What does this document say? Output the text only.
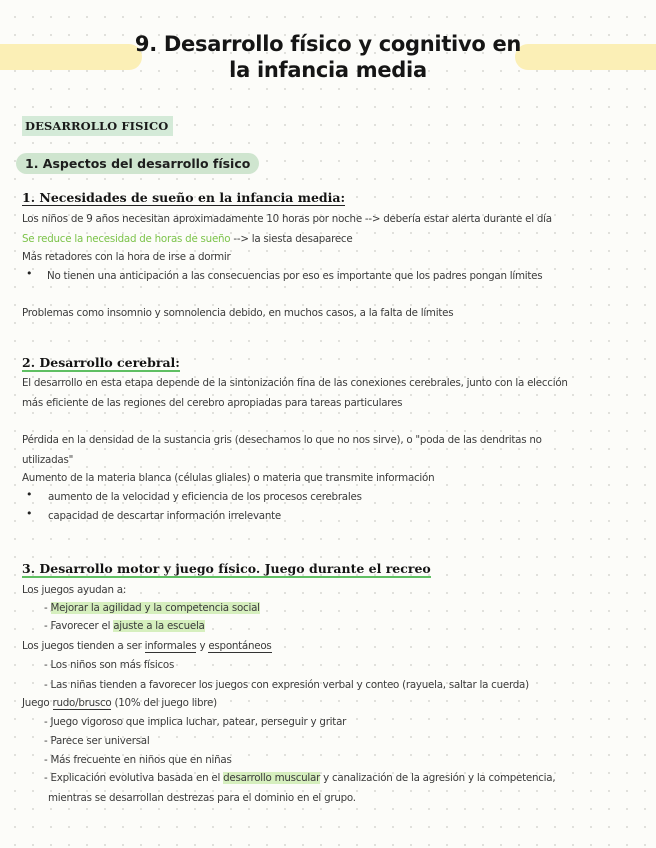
9. Desarrollo físico y cognitivo en
la infancia media
DESARROLLO FISICO
1. Aspectos del desarrollo físico
1. Necesidades de sueño en la infancia media:
Los niños de 9 años necesitan aproximadamente 10 horas por noche --> debería estar alerta durante el día
Se reduce la necesidad de horas de sueño --> la siesta desaparece
Más retadores con la hora de irse a dormir
• No tienen una anticipación a las consecuencias por eso es importante que los padres pongan límites
Problemas como insomnio y somnolencia debido, en muchos casos, a la falta de límites
2. Desarrollo cerebral:
El desarrollo en esta etapa depende de la sintonización fina de las conexiones cerebrales, junto con la elección
más eficiente de las regiones del cerebro apropiadas para tareas particulares
Pérdida en la densidad de la sustancia gris (desechamos lo que no nos sirve), o "poda de las dendritas no
utilizadas"
Aumento de la materia blanca (células gliales) o materia que transmite información
• aumento de la velocidad y eficiencia de los procesos cerebrales
• capacidad de descartar información irrelevante
3. Desarrollo motor y juego físico. Juego durante el recreo
Los juegos ayudan a:
- Mejorar la agilidad y la competencia social
- Favorecer el ajuste a la escuela
Los juegos tienden a ser informales y espontáneos
- Los niños son más físicos
- Las niñas tienden a favorecer los juegos con expresión verbal y conteo (rayuela, saltar la cuerda)
Juego rudo/brusco (10% del juego libre)
- Juego vigoroso que implica luchar, patear, perseguir y gritar
- Parece ser universal
- Más frecuente en niños que en niñas
- Explicación evolutiva basada en el desarrollo muscular y canalización de la agresión y la competencia,
mientras se desarrollan destrezas para el dominio en el grupo.
